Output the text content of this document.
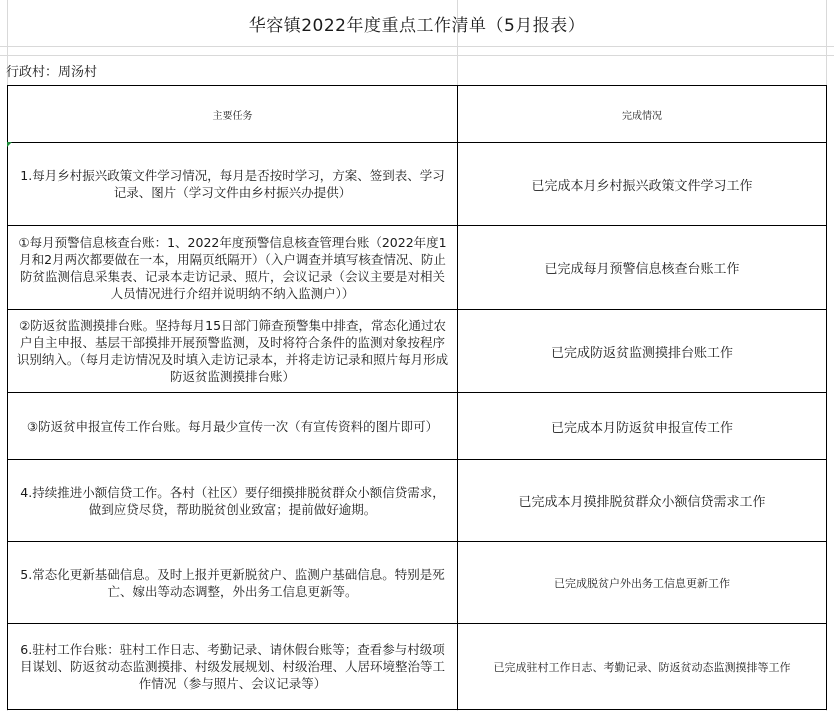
华容镇2022年度重点工作清单（5月报表）
行政村：周汤村
主要任务	完成情况
1.每月乡村振兴政策文件学习情况，每月是否按时学习，方案、签到表、学习记录、图片（学习文件由乡村振兴办提供）	已完成本月乡村振兴政策文件学习工作
①每月预警信息核查台账：1、2022年度预警信息核查管理台账（2022年度1月和2月两次都要做在一本，用隔页纸隔开）（入户调查并填写核查情况、防止防贫监测信息采集表、记录本走访记录、照片，会议记录（会议主要是对相关人员情况进行介绍并说明纳不纳入监测户））	已完成每月预警信息核查台账工作
②防返贫监测摸排台账。坚持每月15日部门筛查预警集中排查，常态化通过农户自主申报、基层干部摸排开展预警监测，及时将符合条件的监测对象按程序识别纳入。（每月走访情况及时填入走访记录本，并将走访记录和照片每月形成防返贫监测摸排台账）	已完成防返贫监测摸排台账工作
③防返贫申报宣传工作台账。每月最少宣传一次（有宣传资料的图片即可）	已完成本月防返贫申报宣传工作
4.持续推进小额信贷工作。各村（社区）要仔细摸排脱贫群众小额信贷需求，做到应贷尽贷，帮助脱贫创业致富；提前做好逾期。	已完成本月摸排脱贫群众小额信贷需求工作
5.常态化更新基础信息。及时上报并更新脱贫户、监测户基础信息。特别是死亡、嫁出等动态调整，外出务工信息更新等。	已完成脱贫户外出务工信息更新工作
6.驻村工作台账：驻村工作日志、考勤记录、请休假台账等；查看参与村级项目谋划、防返贫动态监测摸排、村级发展规划、村级治理、人居环境整治等工作情况（参与照片、会议记录等）	已完成驻村工作日志、考勤记录、防返贫动态监测摸排等工作
